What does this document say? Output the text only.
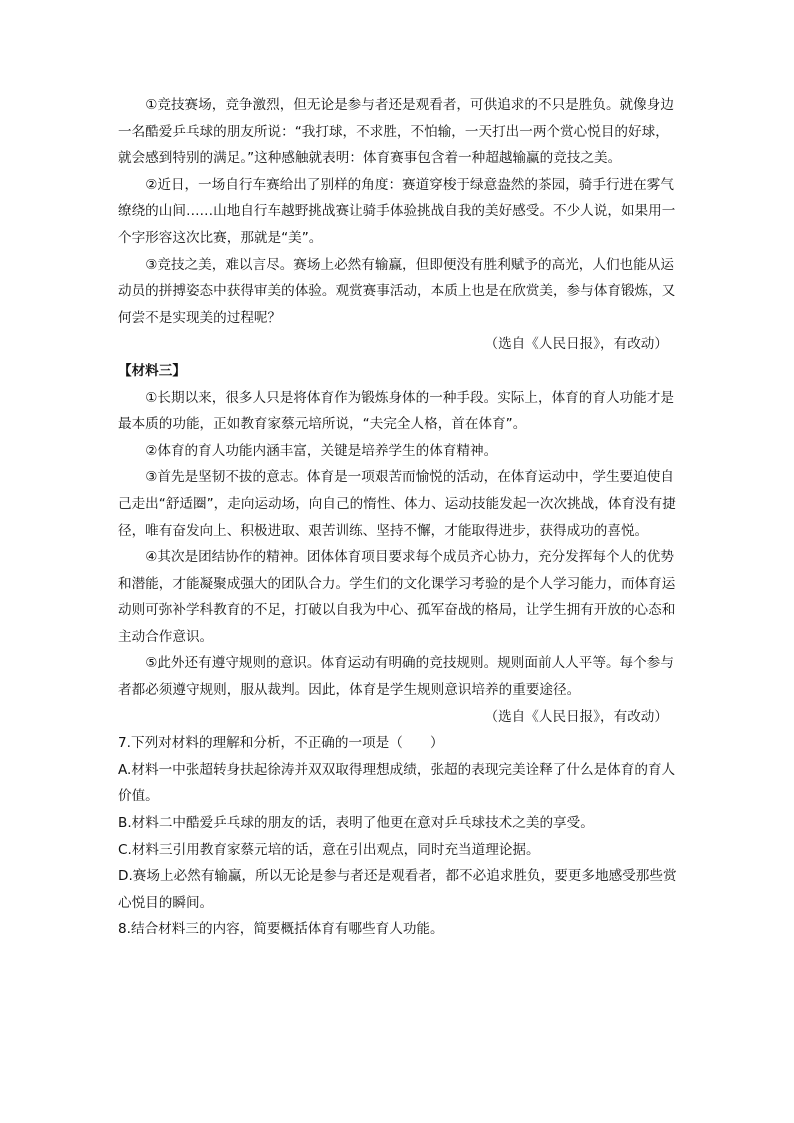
①竞技赛场，竞争激烈，但无论是参与者还是观看者，可供追求的不只是胜负。就像身边一名酷爱乒乓球的朋友所说：“我打球，不求胜，不怕输，一天打出一两个赏心悦目的好球，就会感到特别的满足。”这种感触就表明：体育赛事包含着一种超越输赢的竞技之美。

②近日，一场自行车赛给出了别样的角度：赛道穿梭于绿意盎然的茶园，骑手行进在雾气缭绕的山间……山地自行车越野挑战赛让骑手体验挑战自我的美好感受。不少人说，如果用一个字形容这次比赛，那就是“美”。

③竞技之美，难以言尽。赛场上必然有输赢，但即便没有胜利赋予的高光，人们也能从运动员的拼搏姿态中获得审美的体验。观赏赛事活动，本质上也是在欣赏美，参与体育锻炼，又何尝不是实现美的过程呢？

（选自《人民日报》，有改动）

【材料三】

①长期以来，很多人只是将体育作为锻炼身体的一种手段。实际上，体育的育人功能才是最本质的功能，正如教育家蔡元培所说，“夫完全人格，首在体育”。

②体育的育人功能内涵丰富，关键是培养学生的体育精神。

③首先是坚韧不拔的意志。体育是一项艰苦而愉悦的活动，在体育运动中，学生要迫使自己走出“舒适圈”，走向运动场，向自己的惰性、体力、运动技能发起一次次挑战，体育没有捷径，唯有奋发向上、积极进取、艰苦训练、坚持不懈，才能取得进步，获得成功的喜悦。

④其次是团结协作的精神。团体体育项目要求每个成员齐心协力，充分发挥每个人的优势和潜能，才能凝聚成强大的团队合力。学生们的文化课学习考验的是个人学习能力，而体育运动则可弥补学科教育的不足，打破以自我为中心、孤军奋战的格局，让学生拥有开放的心态和主动合作意识。

⑤此外还有遵守规则的意识。体育运动有明确的竞技规则。规则面前人人平等。每个参与者都必须遵守规则，服从裁判。因此，体育是学生规则意识培养的重要途径。

（选自《人民日报》，有改动）

7.下列对材料的理解和分析，不正确的一项是（　　）

A.材料一中张超转身扶起徐涛并双双取得理想成绩，张超的表现完美诠释了什么是体育的育人价值。

B.材料二中酷爱乒乓球的朋友的话，表明了他更在意对乒乓球技术之美的享受。

C.材料三引用教育家蔡元培的话，意在引出观点，同时充当道理论据。

D.赛场上必然有输赢，所以无论是参与者还是观看者，都不必追求胜负，要更多地感受那些赏心悦目的瞬间。

8.结合材料三的内容，简要概括体育有哪些育人功能。
